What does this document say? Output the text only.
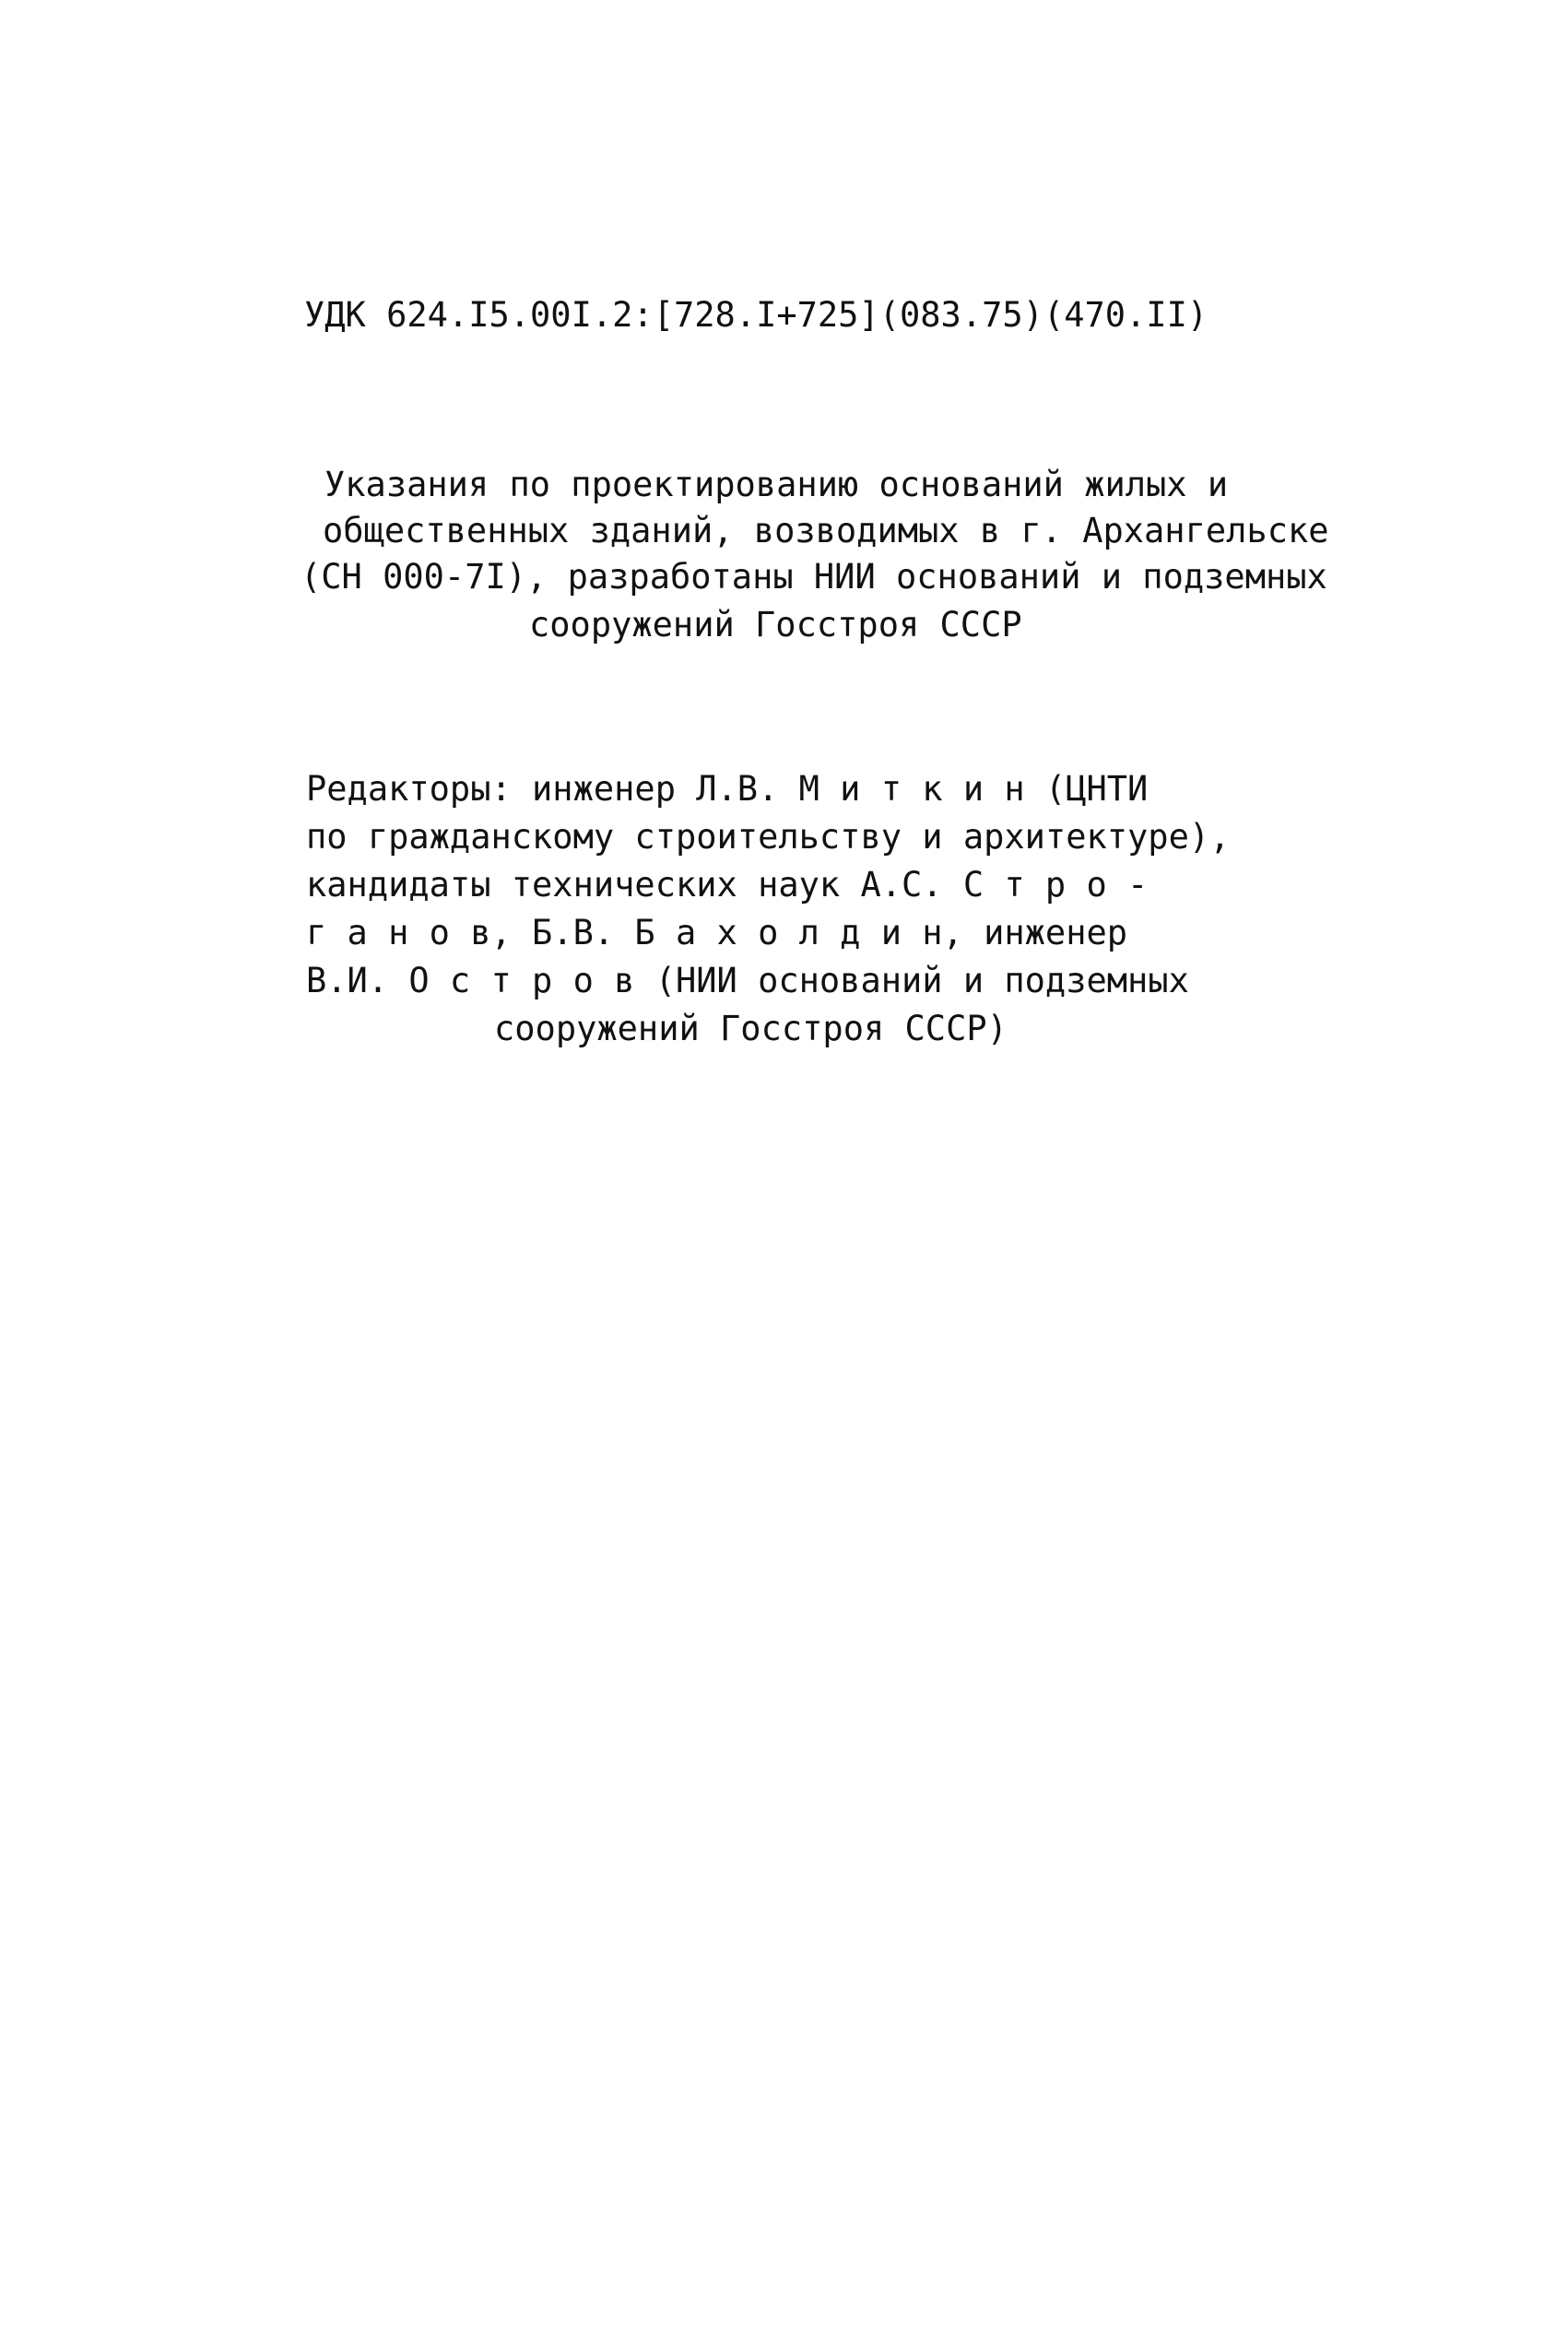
УДК 624.I5.00I.2:[728.I+725](083.75)(470.II)
Указания по проектированию оснований жилых и
общественных зданий, возводимых в г. Архангельске
(СН 000-7I), разработаны НИИ оснований и подземных
сооружений Госстроя СССР
Редакторы: инженер Л.В. М и т к и н (ЦНТИ
по гражданскому строительству и архитектуре),
кандидаты технических наук А.С. С т р о -
г а н о в, Б.В. Б а х о л д и н, инженер
В.И. О с т р о в (НИИ оснований и подземных
сооружений Госстроя СССР)
